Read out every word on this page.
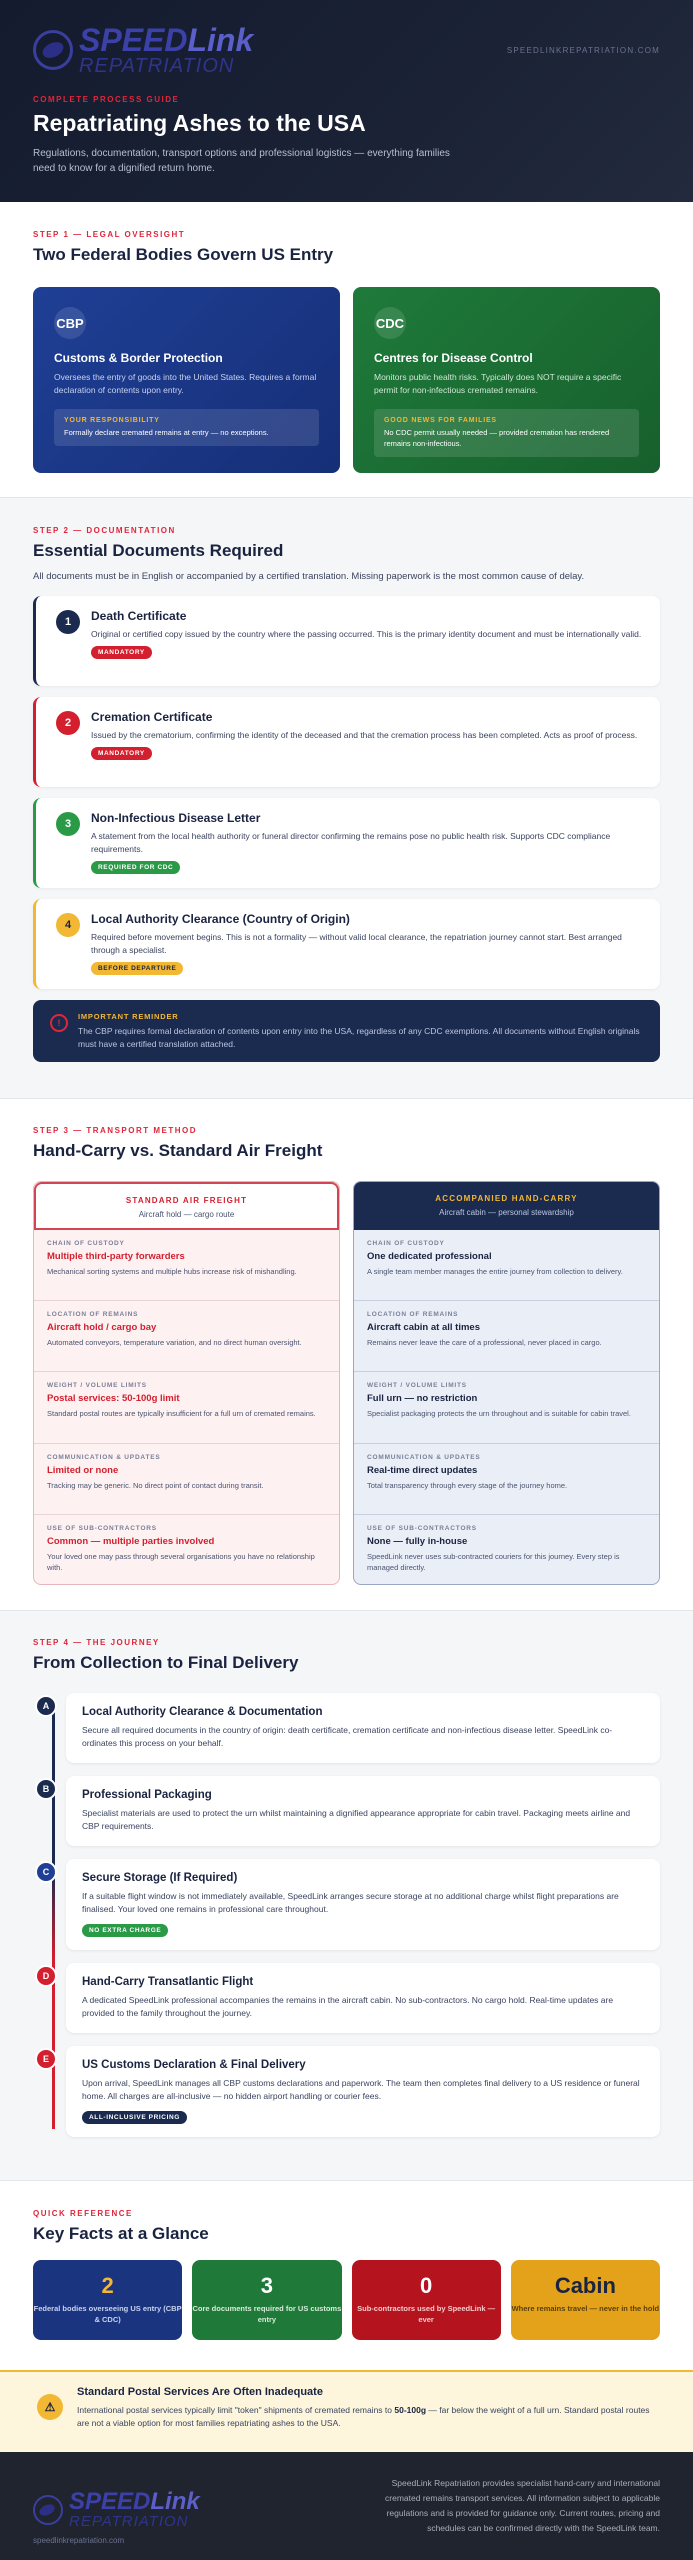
SPEEDLink
REPATRIATION
SPEEDLINKREPATRIATION.COM
COMPLETE PROCESS GUIDE
Repatriating Ashes to the USA

Regulations, documentation, transport options and professional logistics — everything families need to know for a dignified return home.

STEP 1 — LEGAL OVERSIGHT
Two Federal Bodies Govern US Entry
CBP
Customs & Border Protection

Oversees the entry of goods into the United States. Requires a formal declaration of contents upon entry.

YOUR RESPONSIBILITY
Formally declare cremated remains at entry — no exceptions.
CDC
Centres for Disease Control

Monitors public health risks. Typically does NOT require a specific permit for non-infectious cremated remains.

GOOD NEWS FOR FAMILIES
No CDC permit usually needed — provided cremation has rendered remains non-infectious.
STEP 2 — DOCUMENTATION
Essential Documents Required

All documents must be in English or accompanied by a certified translation. Missing paperwork is the most common cause of delay.

1	Death Certificate

Original or certified copy issued by the country where the passing occurred. This is the primary identity document and must be internationally valid.

MANDATORY
2	Cremation Certificate

Issued by the crematorium, confirming the identity of the deceased and that the cremation process has been completed. Acts as proof of process.

MANDATORY
3	Non-Infectious Disease Letter

A statement from the local health authority or funeral director confirming the remains pose no public health risk. Supports CDC compliance requirements.

REQUIRED FOR CDC
4	Local Authority Clearance (Country of Origin)

Required before movement begins. This is not a formality — without valid local clearance, the repatriation journey cannot start. Best arranged through a specialist.

BEFORE DEPARTURE
!
IMPORTANT REMINDER
The CBP requires formal declaration of contents upon entry into the USA, regardless of any CDC exemptions. All documents without English originals must have a certified translation attached.
STEP 3 — TRANSPORT METHOD
Hand-Carry vs. Standard Air Freight
STANDARD AIR FREIGHT
Aircraft hold — cargo route
CHAIN OF CUSTODY
Multiple third-party forwarders
Mechanical sorting systems and multiple hubs increase risk of mishandling.
LOCATION OF REMAINS
Aircraft hold / cargo bay
Automated conveyors, temperature variation, and no direct human oversight.
WEIGHT / VOLUME LIMITS
Postal services: 50-100g limit
Standard postal routes are typically insufficient for a full urn of cremated remains.
COMMUNICATION & UPDATES
Limited or none
Tracking may be generic. No direct point of contact during transit.
USE OF SUB-CONTRACTORS
Common — multiple parties involved
Your loved one may pass through several organisations you have no relationship with.
ACCOMPANIED HAND-CARRY
Aircraft cabin — personal stewardship
CHAIN OF CUSTODY
One dedicated professional
A single team member manages the entire journey from collection to delivery.
LOCATION OF REMAINS
Aircraft cabin at all times
Remains never leave the care of a professional, never placed in cargo.
WEIGHT / VOLUME LIMITS
Full urn — no restriction
Specialist packaging protects the urn throughout and is suitable for cabin travel.
COMMUNICATION & UPDATES
Real-time direct updates
Total transparency through every stage of the journey home.
USE OF SUB-CONTRACTORS
None — fully in-house
SpeedLink never uses sub-contracted couriers for this journey. Every step is managed directly.
STEP 4 — THE JOURNEY
From Collection to Final Delivery
A	Local Authority Clearance & Documentation

Secure all required documents in the country of origin: death certificate, cremation certificate and non-infectious disease letter. SpeedLink co-ordinates this process on your behalf.

B	Professional Packaging

Specialist materials are used to protect the urn whilst maintaining a dignified appearance appropriate for cabin travel. Packaging meets airline and CBP requirements.

C	Secure Storage (If Required)

If a suitable flight window is not immediately available, SpeedLink arranges secure storage at no additional charge whilst flight preparations are finalised. Your loved one remains in professional care throughout.

NO EXTRA CHARGE
D	Hand-Carry Transatlantic Flight

A dedicated SpeedLink professional accompanies the remains in the aircraft cabin. No sub-contractors. No cargo hold. Real-time updates are provided to the family throughout the journey.

E	US Customs Declaration & Final Delivery

Upon arrival, SpeedLink manages all CBP customs declarations and paperwork. The team then completes final delivery to a US residence or funeral home. All charges are all-inclusive — no hidden airport handling or courier fees.

ALL-INCLUSIVE PRICING
QUICK REFERENCE
Key Facts at a Glance
2
Federal bodies overseeing US entry (CBP & CDC)
3
Core documents required for US customs entry
0
Sub-contractors used by SpeedLink — ever
Cabin
Where remains travel — never in the hold
⚠
Standard Postal Services Are Often Inadequate
International postal services typically limit "token" shipments of cremated remains to 50-100g — far below the weight of a full urn. Standard postal routes are not a viable option for most families repatriating ashes to the USA.
SPEEDLink
REPATRIATION
speedlinkrepatriation.com
SpeedLink Repatriation provides specialist hand-carry and international cremated remains transport services. All information subject to applicable regulations and is provided for guidance only. Current routes, pricing and schedules can be confirmed directly with the SpeedLink team.
